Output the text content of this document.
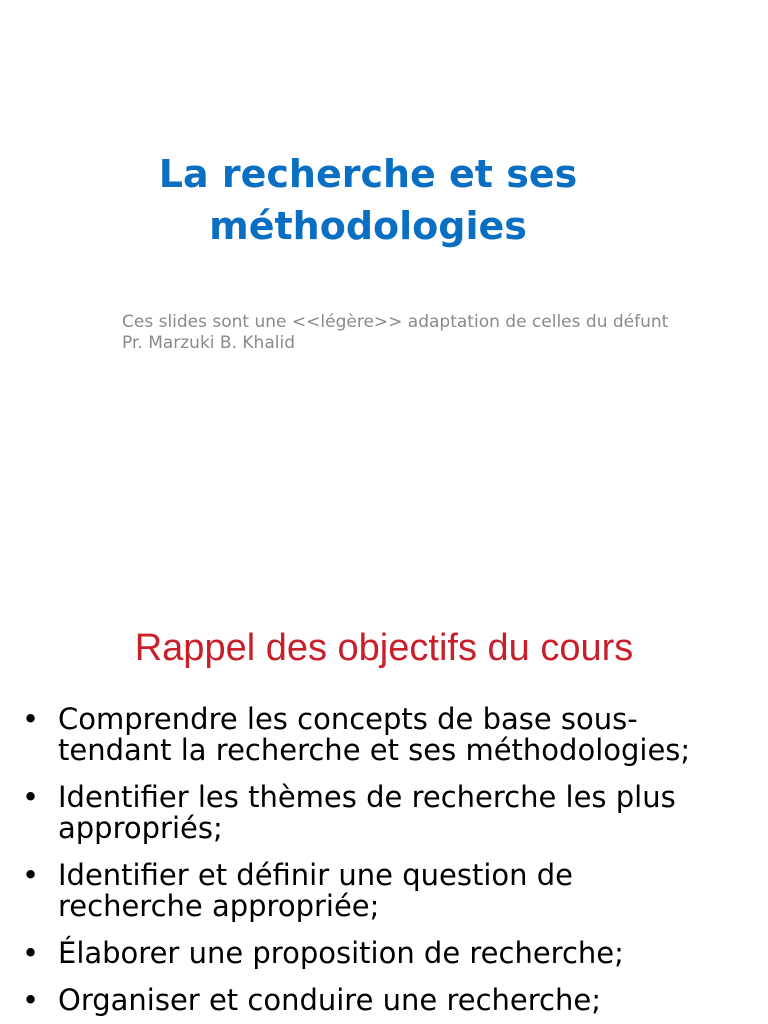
La recherche et ses
méthodologies
Ces slides sont une <<légère>> adaptation de celles du défunt
Pr. Marzuki B. Khalid
Rappel des objectifs du cours
• Comprendre les concepts de base sous-
tendant la recherche et ses méthodologies;
• Identifier les thèmes de recherche les plus
appropriés;
• Identifier et définir une question de
recherche appropriée;
• Élaborer une proposition de recherche;
• Organiser et conduire une recherche;
